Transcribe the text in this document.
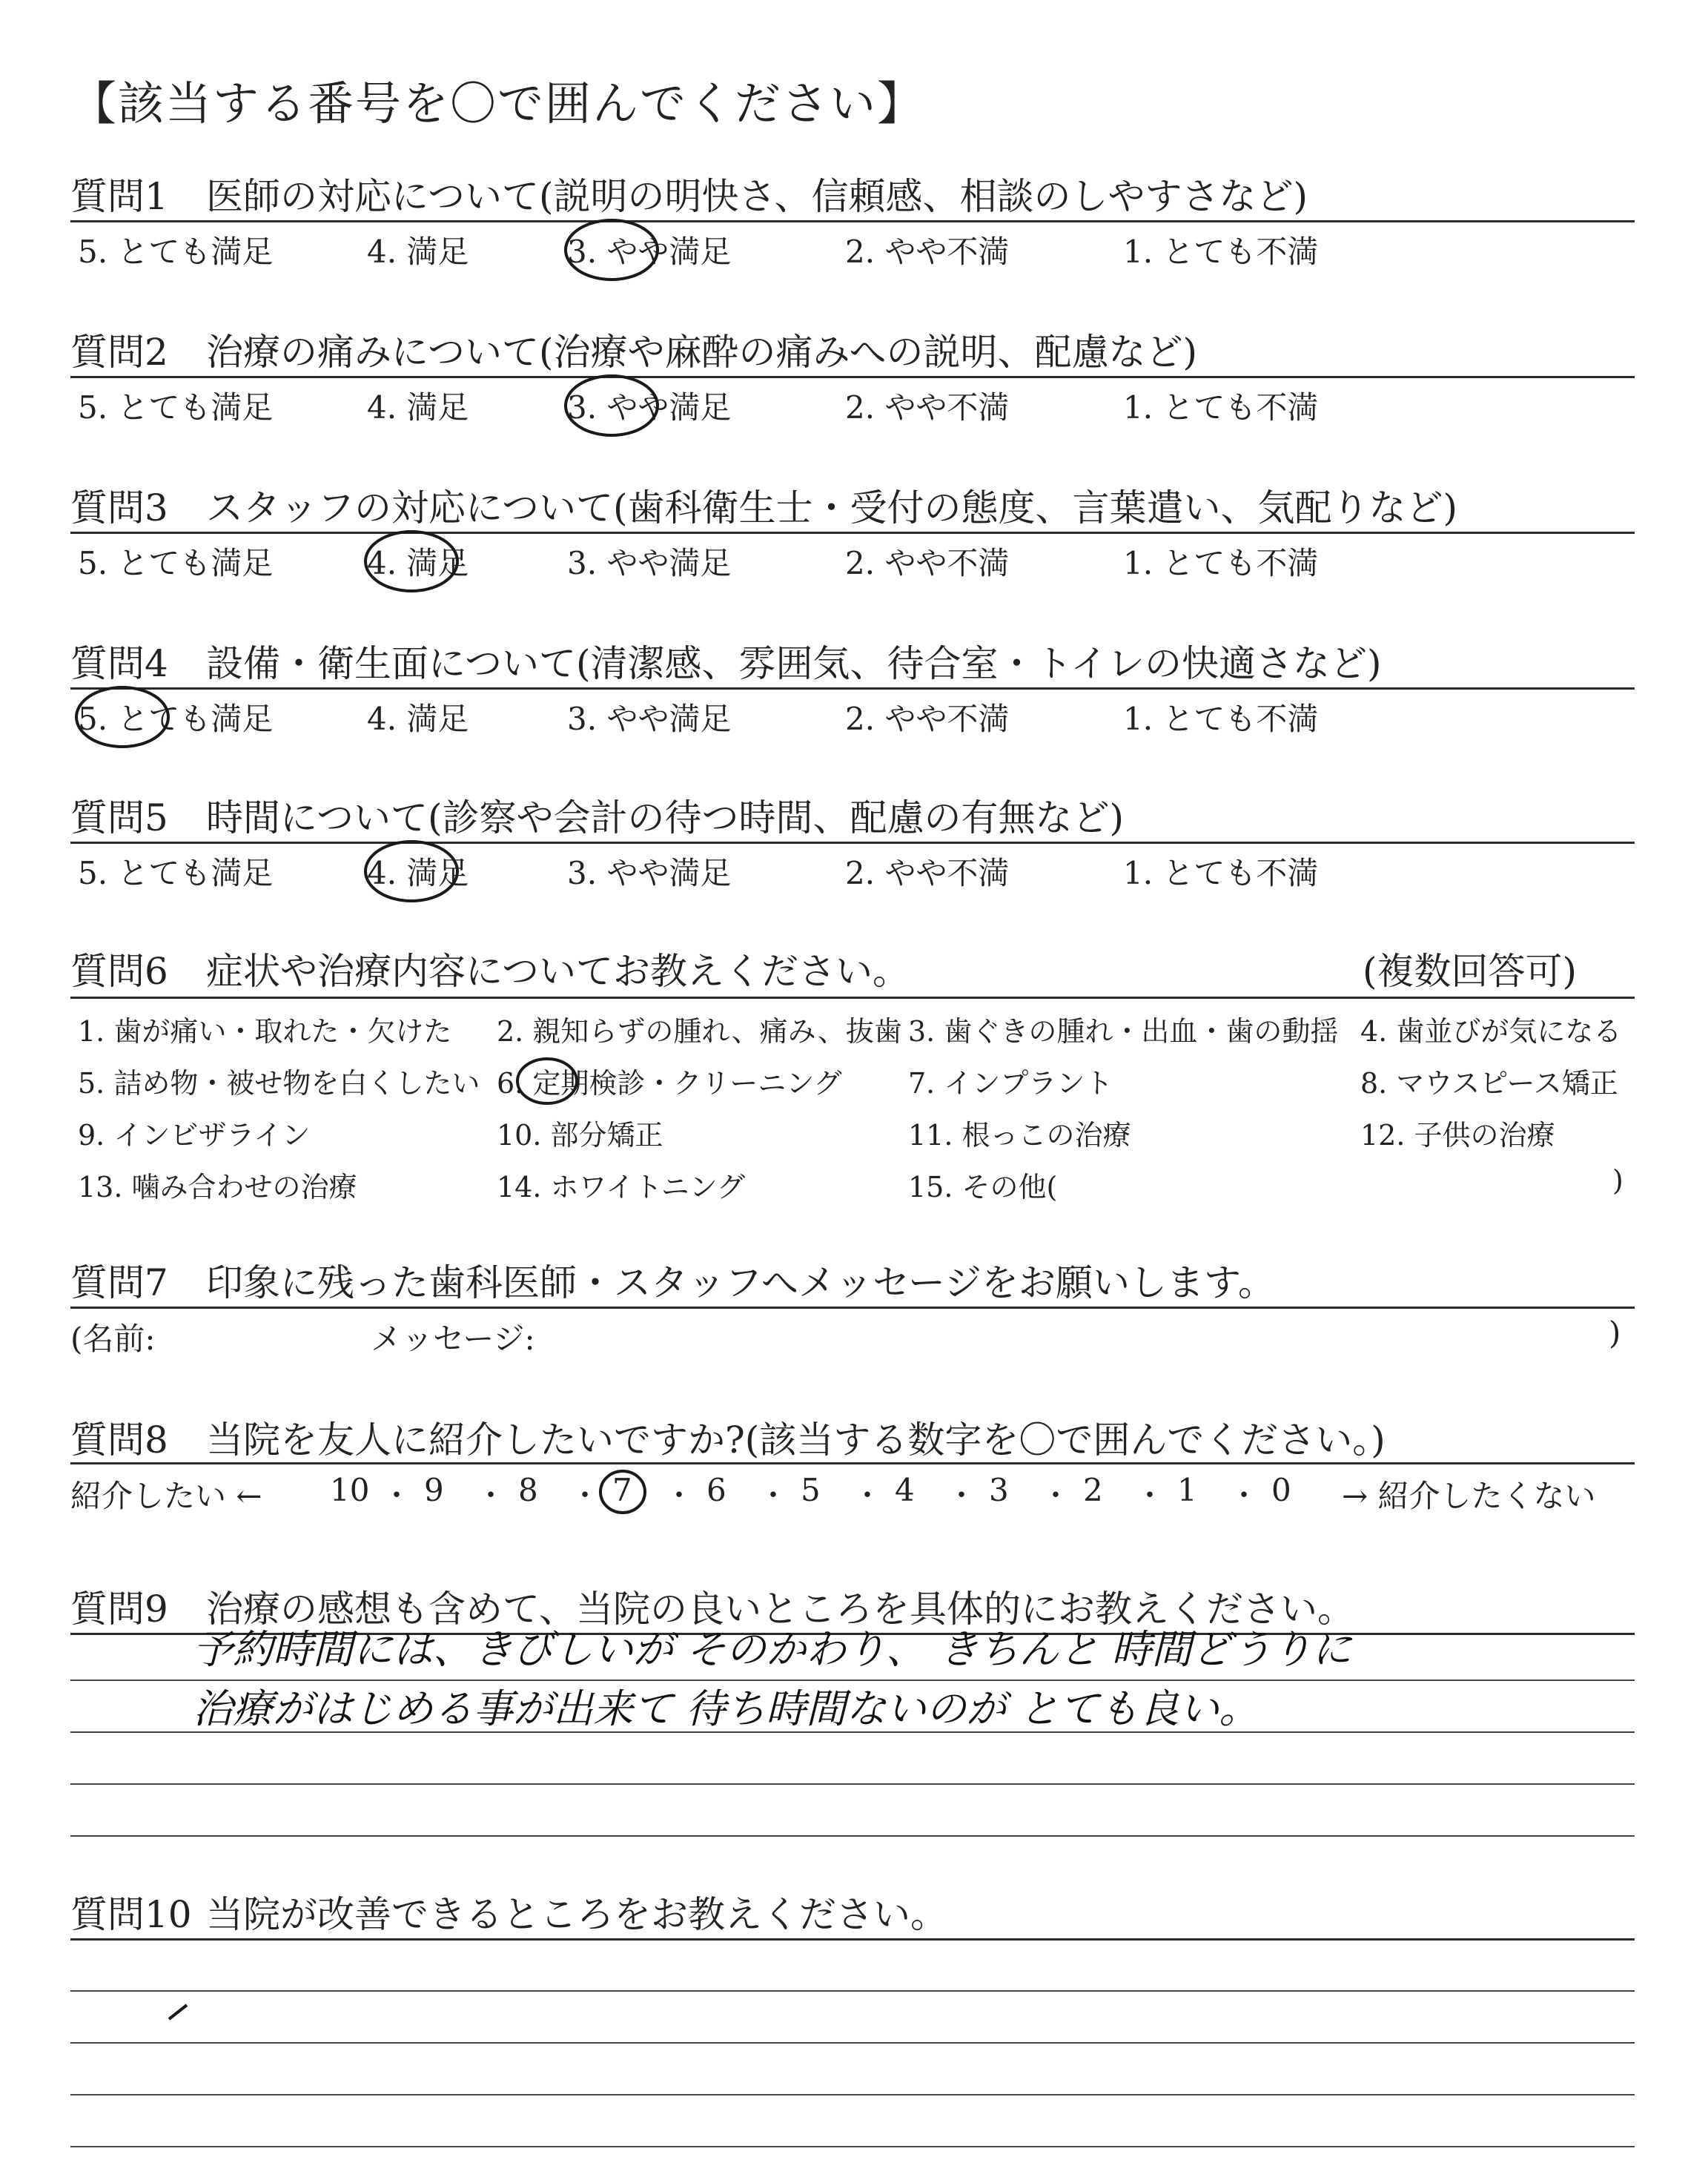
【該当する番号を〇で囲んでください】
質問1 医師の対応について(説明の明快さ、信頼感、相談のしやすさなど)
5. とても満足	4. 満足	3. やや満足	2. やや不満	1. とても不満
質問2 治療の痛みについて(治療や麻酔の痛みへの説明、配慮など)
5. とても満足	4. 満足	3. やや満足	2. やや不満	1. とても不満
質問3 スタッフの対応について(歯科衛生士・受付の態度、言葉遣い、気配りなど)
5. とても満足	4. 満足	3. やや満足	2. やや不満	1. とても不満
質問4 設備・衛生面について(清潔感、雰囲気、待合室・トイレの快適さなど)
5. とても満足	4. 満足	3. やや満足	2. やや不満	1. とても不満
質問5 時間について(診察や会計の待つ時間、配慮の有無など)
5. とても満足	4. 満足	3. やや満足	2. やや不満	1. とても不満
質問6 症状や治療内容についてお教えください。	(複数回答可)
1. 歯が痛い・取れた・欠けた 2. 親知らずの腫れ、痛み、抜歯 3. 歯ぐきの腫れ・出血・歯の動揺 4. 歯並びが気になる
5. 詰め物・被せ物を白くしたい 6. 定期検診・クリーニング 7. インプラント	8. マウスピース矯正
9. インビザライン	10. 部分矯正	11. 根っこの治療	12. 子供の治療
13. 噛み合わせの治療	14. ホワイトニング	15. その他(	)
質問7 印象に残った歯科医師・スタッフへメッセージをお願いします。
(名前:	メッセージ:	)
質問8 当院を友人に紹介したいですか?(該当する数字を〇で囲んでください。)
紹介したい ← 10 ・ 9 ・ 8 ・ 7 ・ 6 ・ 5 ・ 4 ・ 3 ・ 2 ・ 1 ・ 0 → 紹介したくない
質問9 治療の感想も含めて、当院の良いところを具体的にお教えください。
予約時間には、きびしいが そのかわり、 きちんと 時間どうりに
治療がはじめる事が出来て 待ち時間ないのが とても良い。
質問10 当院が改善できるところをお教えください。
